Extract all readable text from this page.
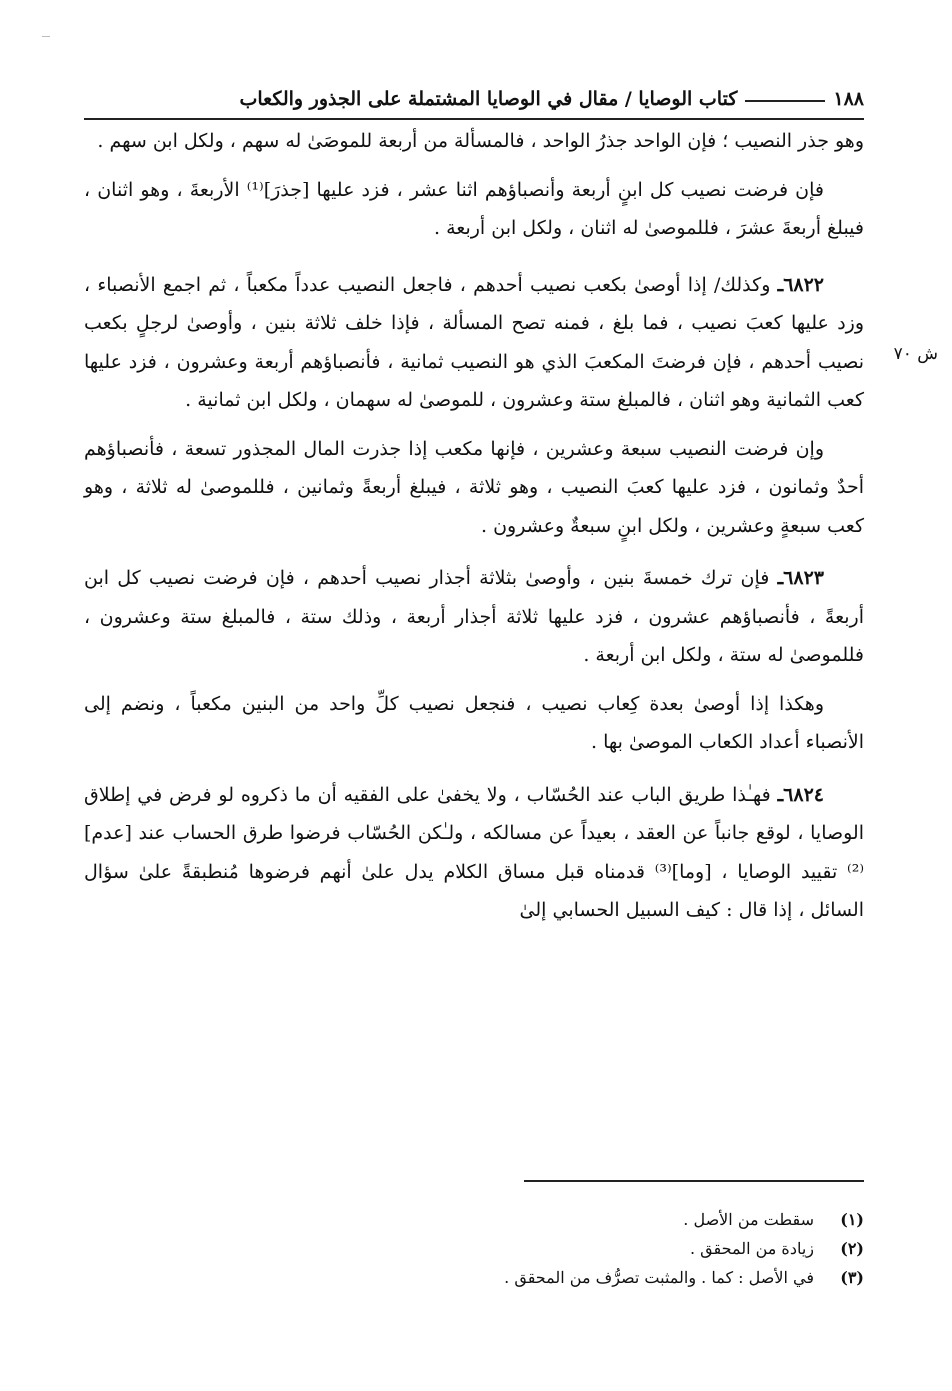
١٨٨
كتاب الوصايا / مقال في الوصايا المشتملة على الجذور والكعاب

وهو جذر النصيب ؛ فإن الواحد جذرُ الواحد ، فالمسألة من أربعة للموصَىٰ له سهم ، ولكل ابن سهم .

فإن فرضت نصيب كل ابنٍ أربعة وأنصباؤهم اثنا عشر ، فزد عليها [جذرَ]⁽¹⁾ الأربعةَ ، وهو اثنان ، فيبلغ أربعةَ عشرَ ، فللموصىٰ له اثنان ، ولكل ابن أربعة .

٦٨٢٢ـ وكذلك/ إذا أوصىٰ بكعب نصيب أحدهم ، فاجعل النصيب عدداً مكعباً ، ثم اجمع الأنصباء ، وزد عليها كعبَ نصيب ، فما بلغ ، فمنه تصح المسألة ، فإذا خلف ثلاثة بنين ، وأوصىٰ لرجلٍ بكعب نصيب أحدهم ، فإن فرضتَ المكعبَ الذي هو النصيب ثمانية ، فأنصباؤهم أربعة وعشرون ، فزد عليها كعب الثمانية وهو اثنان ، فالمبلغ ستة وعشرون ، للموصىٰ له سهمان ، ولكل ابن ثمانية .

وإن فرضت النصيب سبعة وعشرين ، فإنها مكعب إذا جذرت المال المجذور تسعة ، فأنصباؤهم أحدٌ وثمانون ، فزد عليها كعبَ النصيب ، وهو ثلاثة ، فيبلغ أربعةً وثمانين ، فللموصىٰ له ثلاثة ، وهو كعب سبعةٍ وعشرين ، ولكل ابنٍ سبعةٌ وعشرون .

٦٨٢٣ـ فإن ترك خمسةَ بنين ، وأوصىٰ بثلاثة أجذار نصيب أحدهم ، فإن فرضت نصيب كل ابن أربعةً ، فأنصباؤهم عشرون ، فزد عليها ثلاثة أجذار أربعة ، وذلك ستة ، فالمبلغ ستة وعشرون ، فللموصىٰ له ستة ، ولكل ابن أربعة .

وهكذا إذا أوصىٰ بعدة كِعاب نصيب ، فنجعل نصيب كلِّ واحد من البنين مكعباً ، ونضم إلى الأنصباء أعداد الكعاب الموصىٰ بها .

٦٨٢٤ـ فهـٰذا طريق الباب عند الحُسّاب ، ولا يخفىٰ على الفقيه أن ما ذكروه لو فرض في إطلاق الوصايا ، لوقع جانباً عن العقد ، بعيداً عن مسالكه ، ولـٰكن الحُسّاب فرضوا طرق الحساب عند [عدم]⁽²⁾ تقييد الوصايا ، [وما]⁽³⁾ قدمناه قبل مساق الكلام يدل علىٰ أنهم فرضوها مُنطبقةً علىٰ سؤال السائل ، إذا قال : كيف السبيل الحسابي إلىٰ

ش ٧٠
(١)
سقطت من الأصل .
(٢)
زيادة من المحقق .
(٣)
في الأصل : كما . والمثبت تصرُّف من المحقق .
